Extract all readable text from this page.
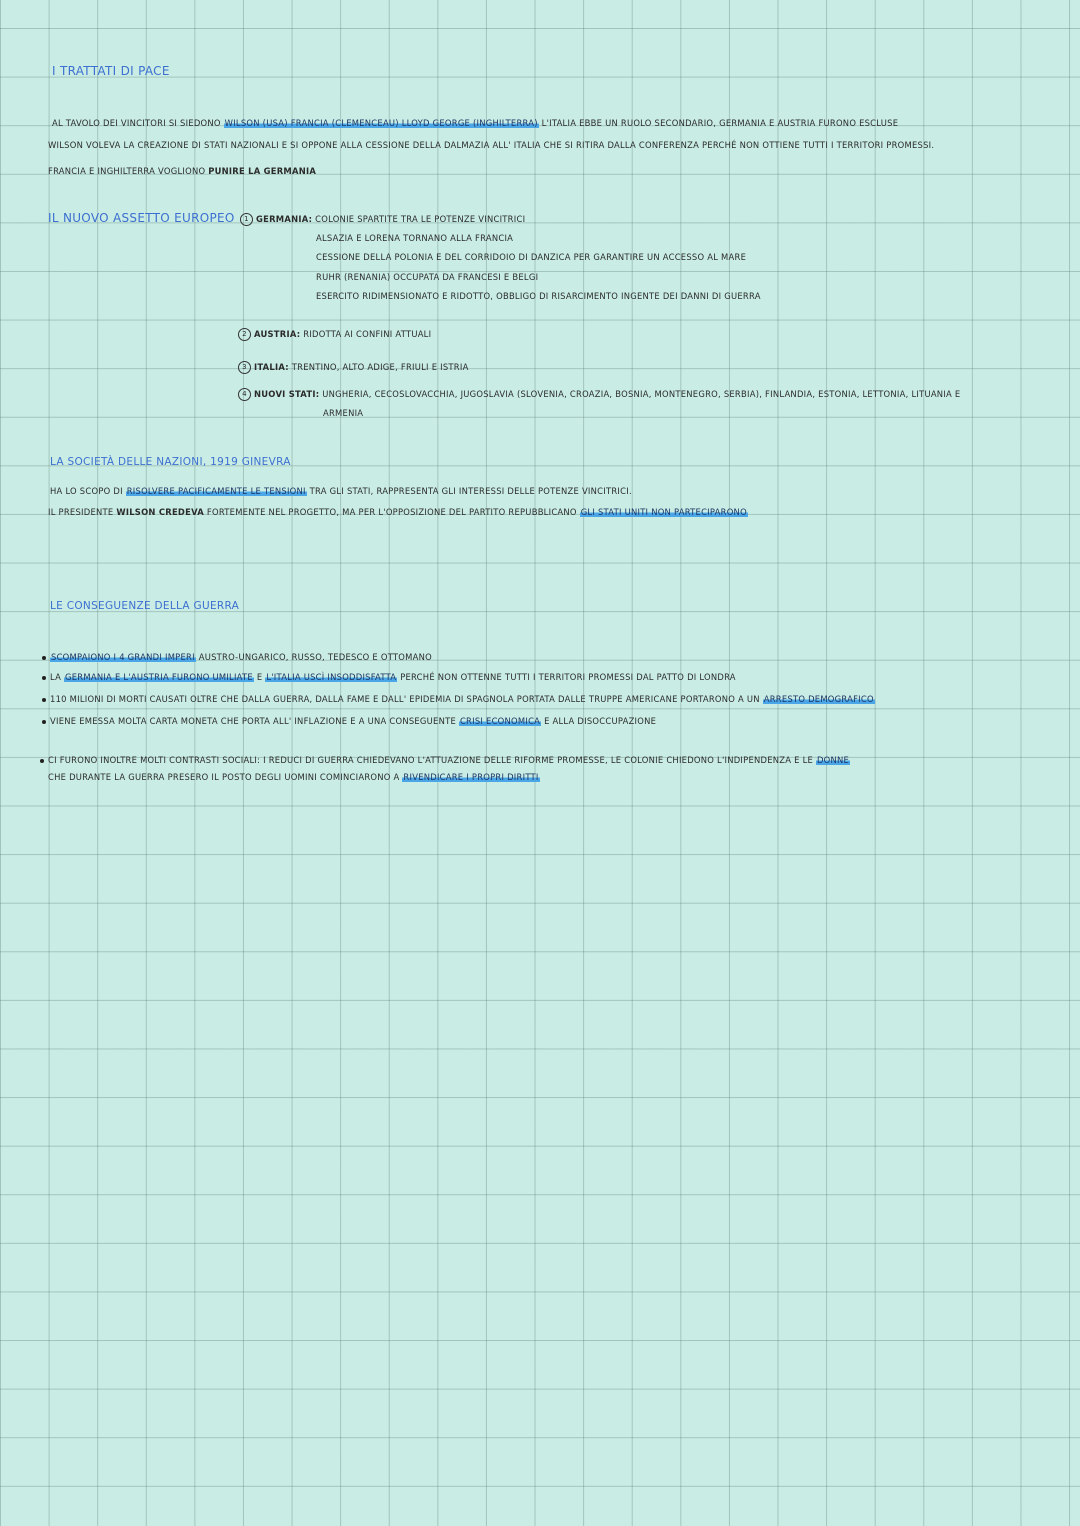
I TRATTATI DI PACE
AL TAVOLO DEI VINCITORI SI SIEDONO WILSON (USA) FRANCIA (CLEMENCEAU) LLOYD GEORGE (INGHILTERRA) L'ITALIA EBBE UN RUOLO SECONDARIO, GERMANIA E AUSTRIA FURONO ESCLUSE
WILSON VOLEVA LA CREAZIONE DI STATI NAZIONALI E SI OPPONE ALLA CESSIONE DELLA DALMAZIA ALL' ITALIA CHE SI RITIRA DALLA CONFERENZA PERCHÉ NON OTTIENE TUTTI I TERRITORI PROMESSI.
FRANCIA E INGHILTERRA VOGLIONO PUNIRE LA GERMANIA
IL NUOVO ASSETTO EUROPEO	1 GERMANIA: COLONIE SPARTITE TRA LE POTENZE VINCITRICI
ALSAZIA E LORENA TORNANO ALLA FRANCIA
CESSIONE DELLA POLONIA E DEL CORRIDOIO DI DANZICA PER GARANTIRE UN ACCESSO AL MARE
RUHR (RENANIA) OCCUPATA DA FRANCESI E BELGI
ESERCITO RIDIMENSIONATO E RIDOTTO, OBBLIGO DI RISARCIMENTO INGENTE DEI DANNI DI GUERRA
2 AUSTRIA: RIDOTTA AI CONFINI ATTUALI
3 ITALIA: TRENTINO, ALTO ADIGE, FRIULI E ISTRIA
4 NUOVI STATI: UNGHERIA, CECOSLOVACCHIA, JUGOSLAVIA (SLOVENIA, CROAZIA, BOSNIA, MONTENEGRO, SERBIA), FINLANDIA, ESTONIA, LETTONIA, LITUANIA E
ARMENIA
LA SOCIETÀ DELLE NAZIONI, 1919 GINEVRA
HA LO SCOPO DI RISOLVERE PACIFICAMENTE LE TENSIONI TRA GLI STATI, RAPPRESENTA GLI INTERESSI DELLE POTENZE VINCITRICI.
IL PRESIDENTE WILSON CREDEVA FORTEMENTE NEL PROGETTO, MA PER L'OPPOSIZIONE DEL PARTITO REPUBBLICANO GLI STATI UNITI NON PARTECIPARONO
LE CONSEGUENZE DELLA GUERRA
SCOMPAIONO I 4 GRANDI IMPERI AUSTRO-UNGARICO, RUSSO, TEDESCO E OTTOMANO
LA GERMANIA E L'AUSTRIA FURONO UMILIATE E L'ITALIA USCÌ INSODDISFATTA PERCHÉ NON OTTENNE TUTTI I TERRITORI PROMESSI DAL PATTO DI LONDRA
110 MILIONI DI MORTI CAUSATI OLTRE CHE DALLA GUERRA, DALLA FAME E DALL' EPIDEMIA DI SPAGNOLA PORTATA DALLE TRUPPE AMERICANE PORTARONO A UN ARRESTO DEMOGRAFICO
VIENE EMESSA MOLTA CARTA MONETA CHE PORTA ALL' INFLAZIONE E A UNA CONSEGUENTE CRISI ECONOMICA E ALLA DISOCCUPAZIONE
CI FURONO INOLTRE MOLTI CONTRASTI SOCIALI: I REDUCI DI GUERRA CHIEDEVANO L'ATTUAZIONE DELLE RIFORME PROMESSE, LE COLONIE CHIEDONO L'INDIPENDENZA E LE DONNE
CHE DURANTE LA GUERRA PRESERO IL POSTO DEGLI UOMINI COMINCIARONO A RIVENDICARE I PROPRI DIRITTI
